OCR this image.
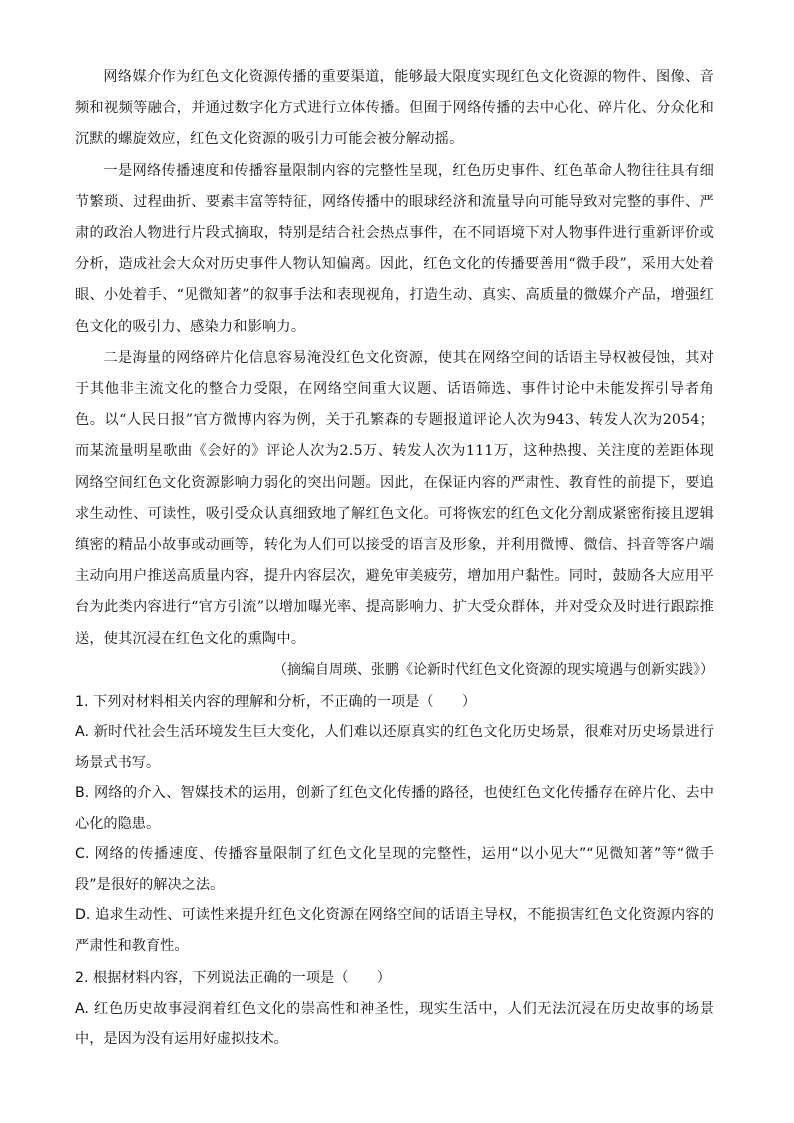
网络媒介作为红色文化资源传播的重要渠道，能够最大限度实现红色文化资源的物件、图像、音频和视频等融合，并通过数字化方式进行立体传播。但囿于网络传播的去中心化、碎片化、分众化和沉默的螺旋效应，红色文化资源的吸引力可能会被分解动摇。

一是网络传播速度和传播容量限制内容的完整性呈现，红色历史事件、红色革命人物往往具有细节繁琐、过程曲折、要素丰富等特征，网络传播中的眼球经济和流量导向可能导致对完整的事件、严肃的政治人物进行片段式摘取，特别是结合社会热点事件，在不同语境下对人物事件进行重新评价或分析，造成社会大众对历史事件人物认知偏离。因此，红色文化的传播要善用“微手段”，采用大处着眼、小处着手、“见微知著”的叙事手法和表现视角，打造生动、真实、高质量的微媒介产品，增强红色文化的吸引力、感染力和影响力。

二是海量的网络碎片化信息容易淹没红色文化资源，使其在网络空间的话语主导权被侵蚀，其对于其他非主流文化的整合力受限，在网络空间重大议题、话语筛选、事件讨论中未能发挥引导者角色。以“人民日报”官方微博内容为例，关于孔繁森的专题报道评论人次为943、转发人次为2054；而某流量明星歌曲《会好的》评论人次为2.5万、转发人次为111万，这种热搜、关注度的差距体现网络空间红色文化资源影响力弱化的突出问题。因此，在保证内容的严肃性、教育性的前提下，要追求生动性、可读性，吸引受众认真细致地了解红色文化。可将恢宏的红色文化分割成紧密衔接且逻辑缜密的精品小故事或动画等，转化为人们可以接受的语言及形象，并利用微博、微信、抖音等客户端主动向用户推送高质量内容，提升内容层次，避免审美疲劳，增加用户黏性。同时，鼓励各大应用平台为此类内容进行“官方引流”以增加曝光率、提高影响力、扩大受众群体，并对受众及时进行跟踪推送，使其沉浸在红色文化的熏陶中。

（摘编自周瑛、张鹏《论新时代红色文化资源的现实境遇与创新实践》）

1. 下列对材料相关内容的理解和分析，不正确的一项是（　　）

A. 新时代社会生活环境发生巨大变化，人们难以还原真实的红色文化历史场景，很难对历史场景进行场景式书写。

B. 网络的介入、智媒技术的运用，创新了红色文化传播的路径，也使红色文化传播存在碎片化、去中心化的隐患。

C. 网络的传播速度、传播容量限制了红色文化呈现的完整性，运用“以小见大”“见微知著”等“微手段”是很好的解决之法。

D. 追求生动性、可读性来提升红色文化资源在网络空间的话语主导权，不能损害红色文化资源内容的严肃性和教育性。

2. 根据材料内容，下列说法正确的一项是（　　）

A. 红色历史故事浸润着红色文化的崇高性和神圣性，现实生活中，人们无法沉浸在历史故事的场景中，是因为没有运用好虚拟技术。
